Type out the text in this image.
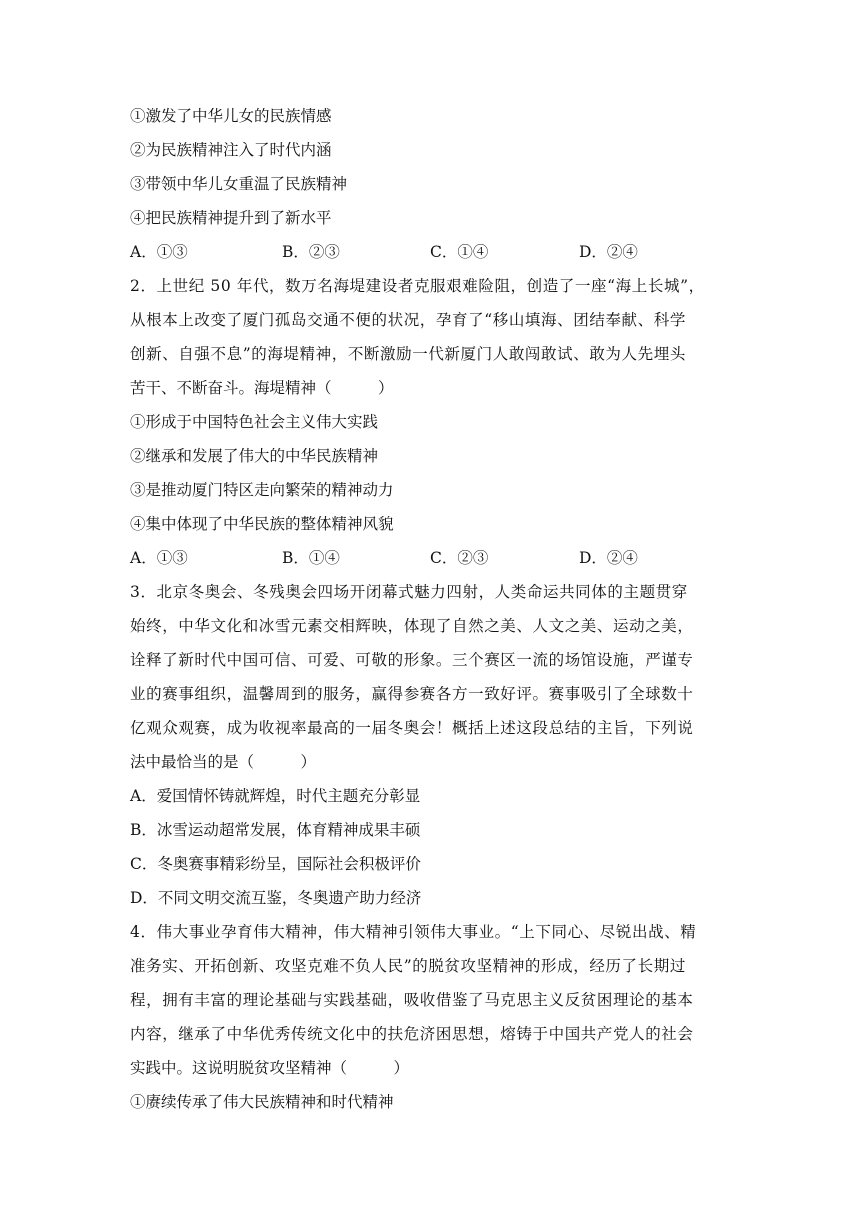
①激发了中华儿女的民族情感
②为民族精神注入了时代内涵
③带领中华儿女重温了民族精神
④把民族精神提升到了新水平
A．①③	B．②③	C．①④	D．②④
2．上世纪 50 年代，数万名海堤建设者克服艰难险阻，创造了一座“海上长城”，
从根本上改变了厦门孤岛交通不便的状况，孕育了“移山填海、团结奉献、科学
创新、自强不息”的海堤精神，不断激励一代新厦门人敢闯敢试、敢为人先埋头
苦干、不断奋斗。海堤精神（　　　）
①形成于中国特色社会主义伟大实践
②继承和发展了伟大的中华民族精神
③是推动厦门特区走向繁荣的精神动力
④集中体现了中华民族的整体精神风貌
A．①③	B．①④	C．②③	D．②④
3．北京冬奥会、冬残奥会四场开闭幕式魅力四射，人类命运共同体的主题贯穿
始终，中华文化和冰雪元素交相辉映，体现了自然之美、人文之美、运动之美，
诠释了新时代中国可信、可爱、可敬的形象。三个赛区一流的场馆设施，严谨专
业的赛事组织，温馨周到的服务，赢得参赛各方一致好评。赛事吸引了全球数十
亿观众观赛，成为收视率最高的一届冬奥会！概括上述这段总结的主旨，下列说
法中最恰当的是（　　　）
A．爱国情怀铸就辉煌，时代主题充分彰显
B．冰雪运动超常发展，体育精神成果丰硕
C．冬奥赛事精彩纷呈，国际社会积极评价
D．不同文明交流互鉴，冬奥遗产助力经济
4．伟大事业孕育伟大精神，伟大精神引领伟大事业。“上下同心、尽锐出战、精
准务实、开拓创新、攻坚克难不负人民”的脱贫攻坚精神的形成，经历了长期过
程，拥有丰富的理论基础与实践基础，吸收借鉴了马克思主义反贫困理论的基本
内容，继承了中华优秀传统文化中的扶危济困思想，熔铸于中国共产党人的社会
实践中。这说明脱贫攻坚精神（　　　）
①赓续传承了伟大民族精神和时代精神
